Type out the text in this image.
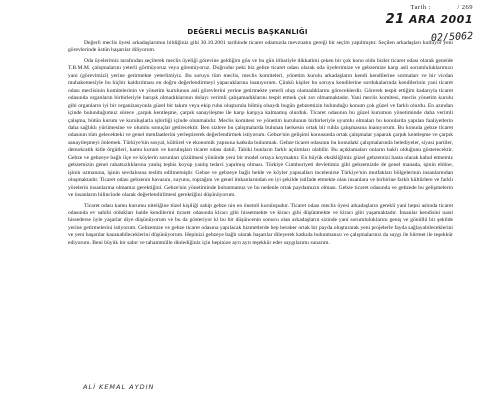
Tarih :	/ 269
21 ARA 2001
02/5062
DEĞERLİ MECLİS BAŞKANLIĞI

Değerli meclis üyesi arkadaşlarımın bildiğiniz gibi 30.10.2001 tarihinde ticaret odamızda mevzuatın gereği bir seçim yapılmıştır. Seçilen arkadaşları kutluyor yeni görevlerinde üstün başarılar diliyorum.

Oda üyelerimiz tarafından seçilerek meclis üyeliği görevine geldiğim gün ve bu gün itibariyle dikkatimi çeken bir çok konu oldu bizler ticaret odası olarak genelde T.B.M.M. çalışmalarını yeterli görmüyoruz veya göremiyoruz. Doğrudur peki biz gebze ticaret odası olarak oda üyelerimize ve gebzemize karşı asli sorumluluklarımızı yani (görevimizi) yerine getirmekte yeterlimiyiz. Bu soruyu tüm meclis, meclis komiteleri, yönetim kurulu arkadaşların kendi kendilerine sormaları ve bir vicdan muhakemesiyle bu hiçbir kaldırılması en doğru değerlendirmeyi yapacaklarına inanıyorum. Çünkü kişiler bu soruyu kendilerine sordukalarında kendilerinin yani ticaret odası meclisinin komitelerinin ve yönetim kurulunun asli görevlerini yerine getirmekte yeterli olup olamadıklarını göreceklerdir. Görerek tespit ettiğim kadarıyla ticaret odasında organların birbirleriyle barışık olmadıklarının dolayı verimli çalışamadıklarını tespit etmek çok zor olmamaktadır. Yani meclis komitesi, meclis yönetim kurulu gibi organların iyi bir organizasyonla güzel bir takım veya ekip ruhu oluşturula bilmiş olsaydı bugün gebzemizin bulunduğu konum çok güzel ve farklı olurdu. En azından içinde bulunduğumuz sürece ,çarpık kentleşme, çarpık sanayileşme ile karşı karşıya kalmamış olurduk. Ticaret odasının bu güzel kurumun yönetiminde daha verimli çalışma, bütün kurum ve kuruluşlarla işbirliği içinde olunmalıdır. Meclis komitesi ve yönetim kurulunun birbirleriyle uyumlu olmaları bu konularda yapılan faaliyetlerin daha sağlıklı yürümesine ve olumlu sonuçlar getirecektir. Ben sizlere bu çalışmalarda bulunan herkesin ortak bir ruhla çalışmasına inanıyorum. Bu konuda gebze ticaret odasının tüm gelecekteki ve genel menfaatlerini yerleştirerek değerlendirmek istiyorum. Gebze'nin gelişimi konusunda ortak çalışmalar yaparak çarpık kentleşme ve çarpık sanayileşmeyi önlemek. Türkiye'nin sosyal, kültürel ve ekonomik yapısına katkıda bulunmak. Gebze ticaret odasının bu konudaki çalışmalarında belediyeler, siyasi partiler, demokratik kitle örgütleri, kamu kurum ve kuruluşları ticaret odası dahil. Tabiki bunların farklı açılımları olabilir. Bu açıklamaları onların haklı olduğunu gösterecektir. Gebze ve gebzeye bağlı ilçe ve köylerin sorunları çözülmesi yönünde yeni bir model ortaya koymaktır. En büyük eksikliğimiz güzel gebzemizi hasta olarak kabul etmemiz gebzemizin genel rahatsızlıklarına yanlış teşhis koyup yanlış tedavi yapılmış olması. Türkiye Cumhuriyeti devletimiz gibi gebzemizde de genel manada, işinin ehline, işinin uzmanına, işinin sevdalısına teslim edilmemiştir. Gebze ve gebzeye bağlı belde ve köyler yapısalları incelenirse Türkiye'nin mutfakları bölgelerinin insanlarından oluşmaktadır. Ticaret odası gebzenin havasını, suyunu, toprağını ve genel imkanlarından en iyi şekilde istifade etmekte olan insanlara ve birbirine farklı kültürlere ve farklı yörelerin insanlarına olmamız gerektiğini. Gebze'nin yönetiminde bulunmamız ve bu nedenle ortak paydamızın olması. Gebze ticaret odasında ve gebzede bu gelişmelerin ve insanların bilincinde olarak değerlendirilmesi gerektiğini düşünüyorum.

Ticaret odası kamu kurumu niteliğine tüzel kişiliği sahip gebze nin en önemli kuruluşudur. Ticaret odası meclis üyesi arkadaşların gerekli yani hepsi aslında ticaret odasında ev sahibi oldukları halde kendilerini ticaret odasında kiracı gibi hissetmekte ve kiracı gibi düşünmekte ve kiracı gibi yaşamaktadır. İnsanlar kendisini nasıl hissederse öyle yaşarlar diye düşünüyorum ve bu da gösteriyor ki bu bir düşüncenin sonucu olan arkadaşların sizinde yani sorumluluklarını geniş ve gönüllü bir şekilde yerine getirmelerini istiyorum. Gebzemize ve gebze ticaret odasına yapılacak hizmetlerde hep beraber ortak bir payda oluşturarak yeni projelerle fayda sağlayabileceklerini ve yeni başarılar kazanabileceklerini düşünüyorum. Hepinizi gebzeye bağlı olarak başarılar dileyerek katkıda bulunmanızı ve çalışmalarınız da saygı ile hürmet ile teşekkür ediyorum. Beni büyük bir sabır ve tahammülle dinlediğiniz için hepinize ayrı ayrı teşekkür eder saygılarımı sunarım.

ALİ KEMAL AYDIN
